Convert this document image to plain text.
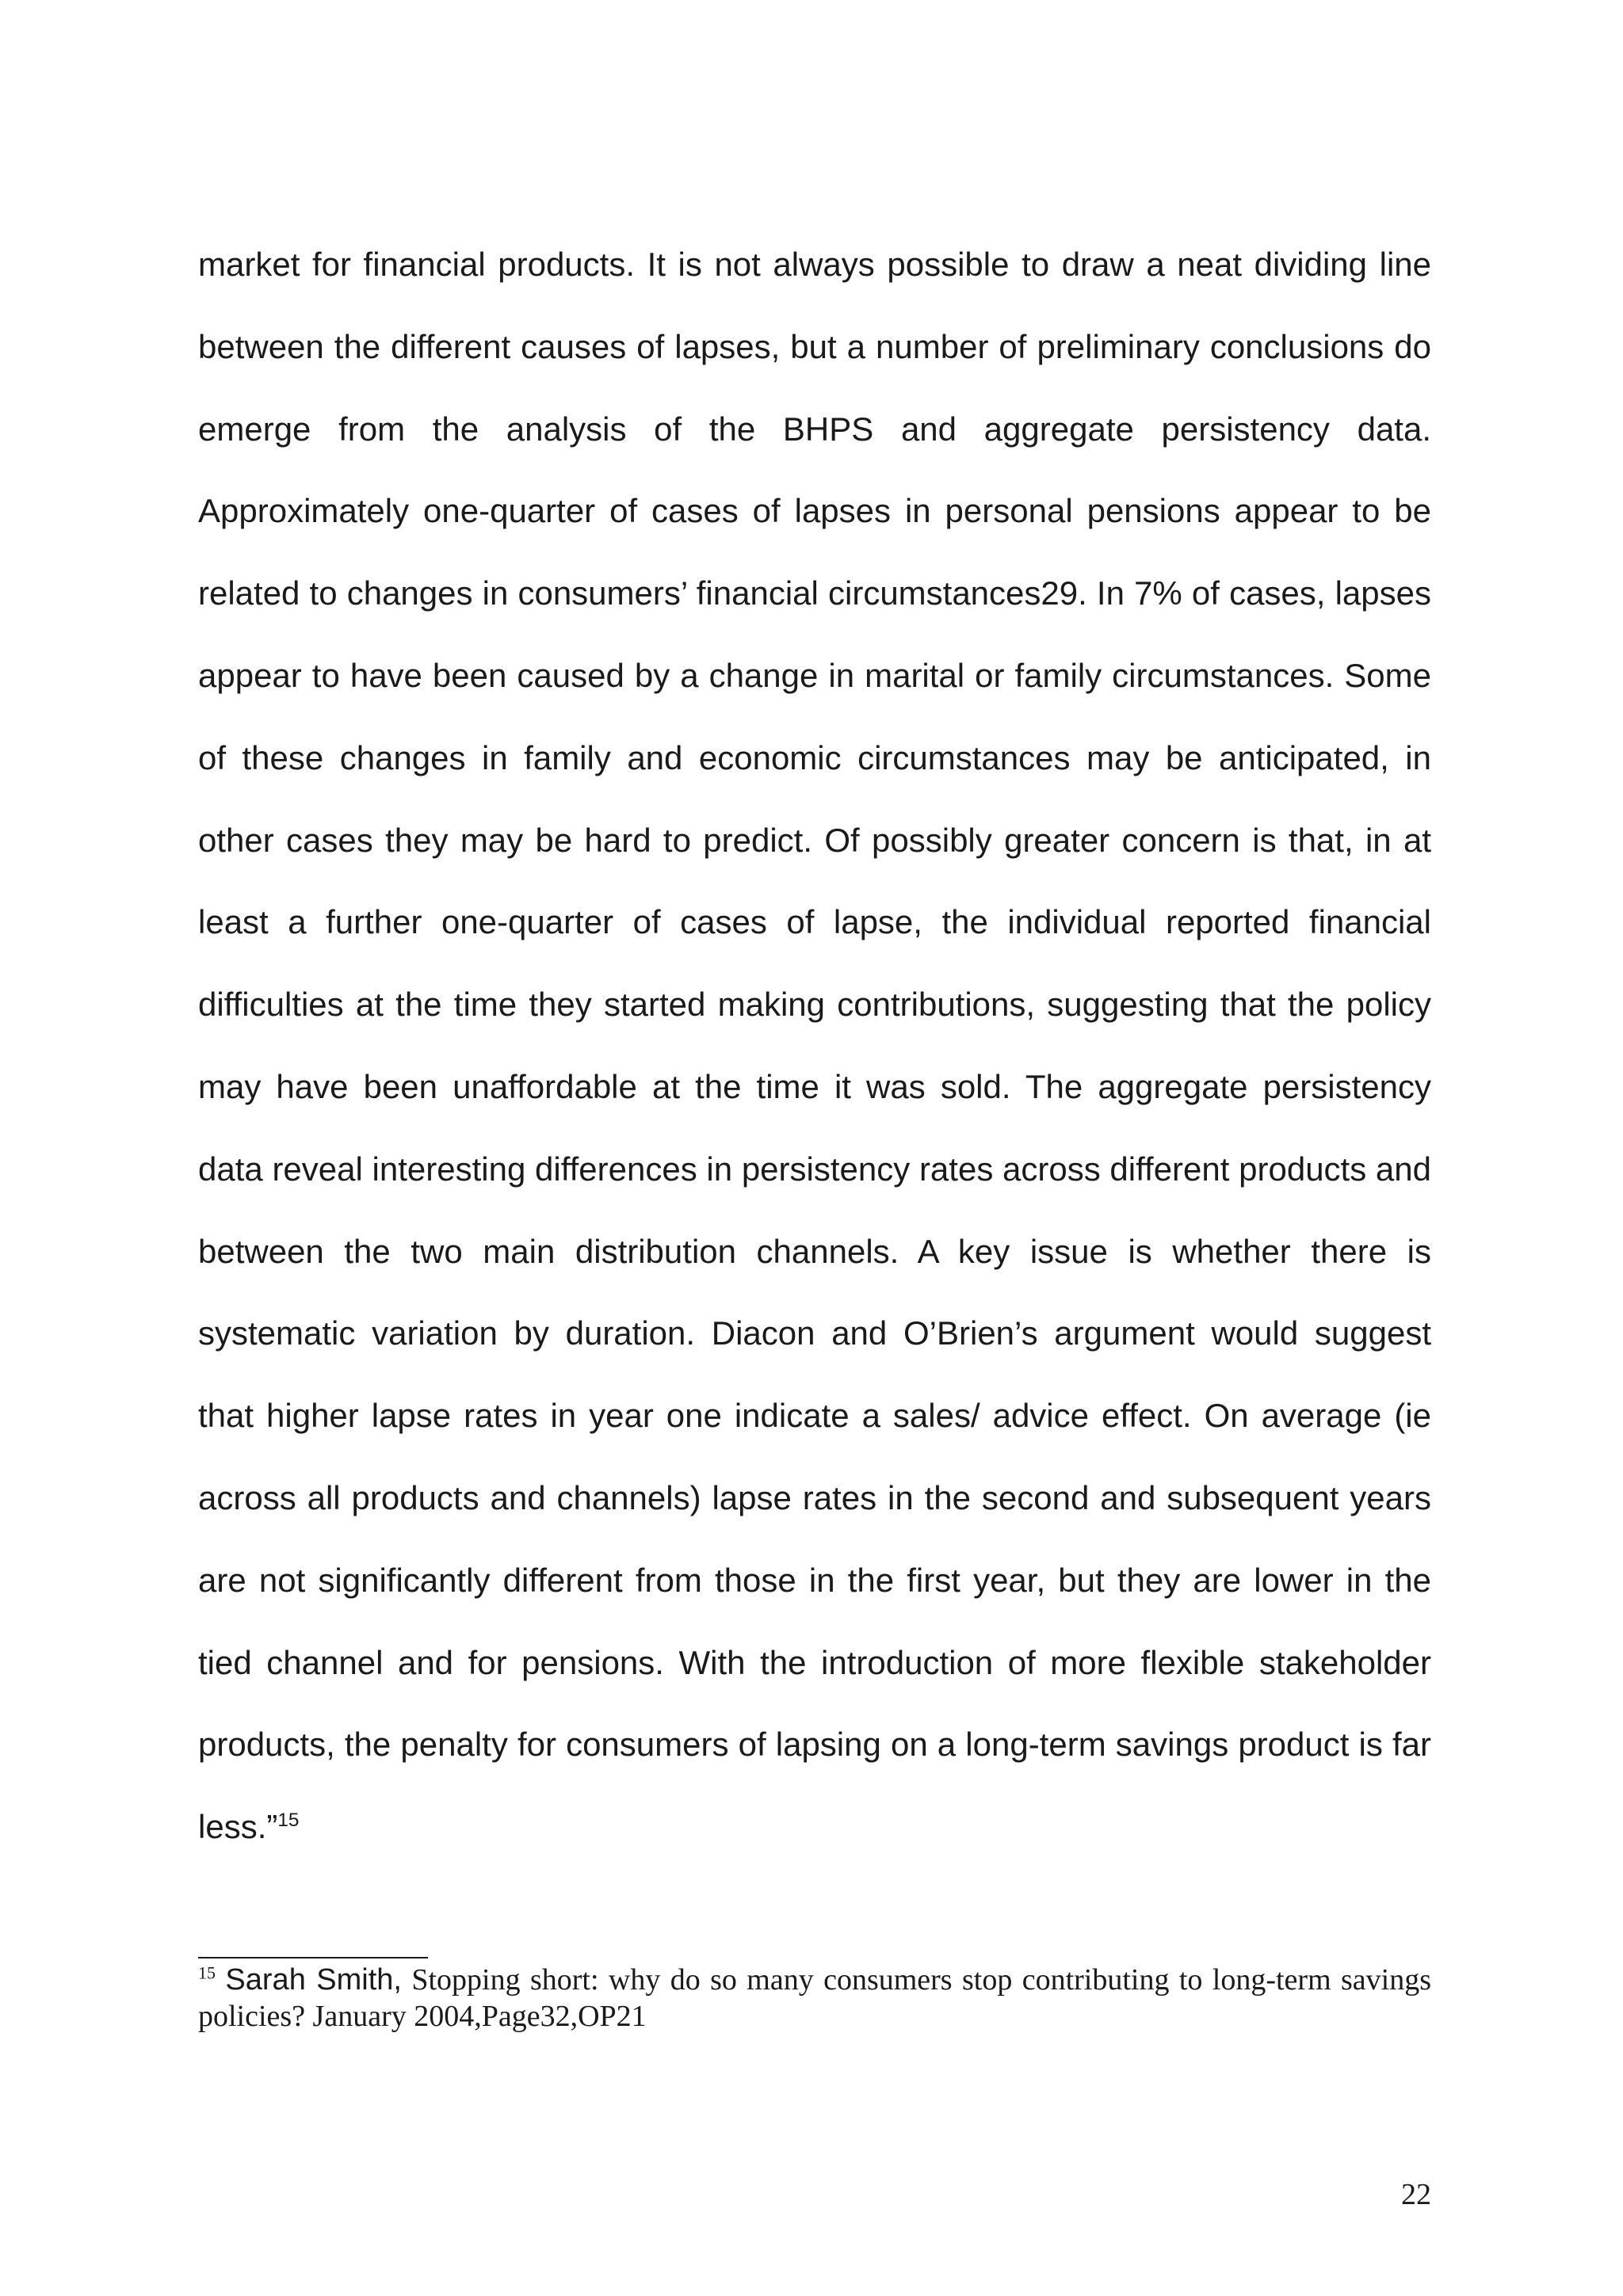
market for financial products. It is not always possible to draw a neat dividing line between the different causes of lapses, but a number of preliminary conclusions do emerge from the analysis of the BHPS and aggregate persistency data. Approximately one-quarter of cases of lapses in personal pensions appear to be related to changes in consumers’ financial circumstances29. In 7% of cases, lapses appear to have been caused by a change in marital or family circumstances. Some of these changes in family and economic circumstances may be anticipated, in other cases they may be hard to predict. Of possibly greater concern is that, in at least a further one-quarter of cases of lapse, the individual reported financial difficulties at the time they started making contributions, suggesting that the policy may have been unaffordable at the time it was sold. The aggregate persistency data reveal interesting differences in persistency rates across different products and between the two main distribution channels. A key issue is whether there is systematic variation by duration. Diacon and O’Brien’s argument would suggest that higher lapse rates in year one indicate a sales/ advice effect. On average (ie across all products and channels) lapse rates in the second and subsequent years are not significantly different from those in the first year, but they are lower in the tied channel and for pensions. With the introduction of more flexible stakeholder products, the penalty for consumers of lapsing on a long-term savings product is far less.”$^{15}$

$^{15}$ Sarah Smith, Stopping short: why do so many consumers stop contributing to long-term savings policies? January 2004,Page32,OP21

22
